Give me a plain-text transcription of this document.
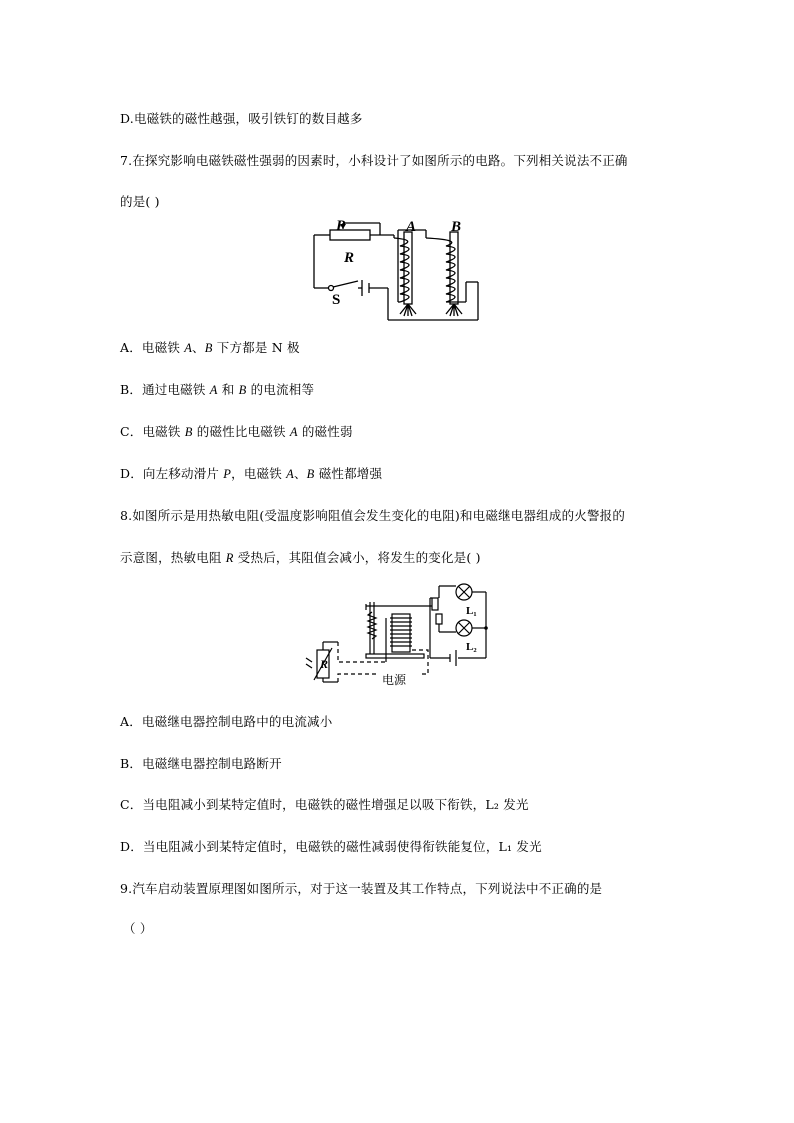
D.电磁铁的磁性越强，吸引铁钉的数目越多
7.在探究影响电磁铁磁性强弱的因素时，小科设计了如图所示的电路。下列相关说法不正确
的是( )
P
R
S
A B
A．电磁铁 A、B 下方都是 N 极
B．通过电磁铁 A 和 B 的电流相等
C．电磁铁 B 的磁性比电磁铁 A 的磁性弱
D．向左移动滑片 P，电磁铁 A、B 磁性都增强
8.如图所示是用热敏电阻(受温度影响阻值会发生变化的电阻)和电磁继电器组成的火警报的
示意图，热敏电阻 R 受热后，其阻值会减小，将发生的变化是( )
R
L₁
L₂
电源
A．电磁继电器控制电路中的电流减小
B．电磁继电器控制电路断开
C．当电阻减小到某特定值时，电磁铁的磁性增强足以吸下衔铁，L₂ 发光
D．当电阻减小到某特定值时，电磁铁的磁性减弱使得衔铁能复位，L₁ 发光
9.汽车启动装置原理图如图所示，对于这一装置及其工作特点，下列说法中不正确的是
（ ）
